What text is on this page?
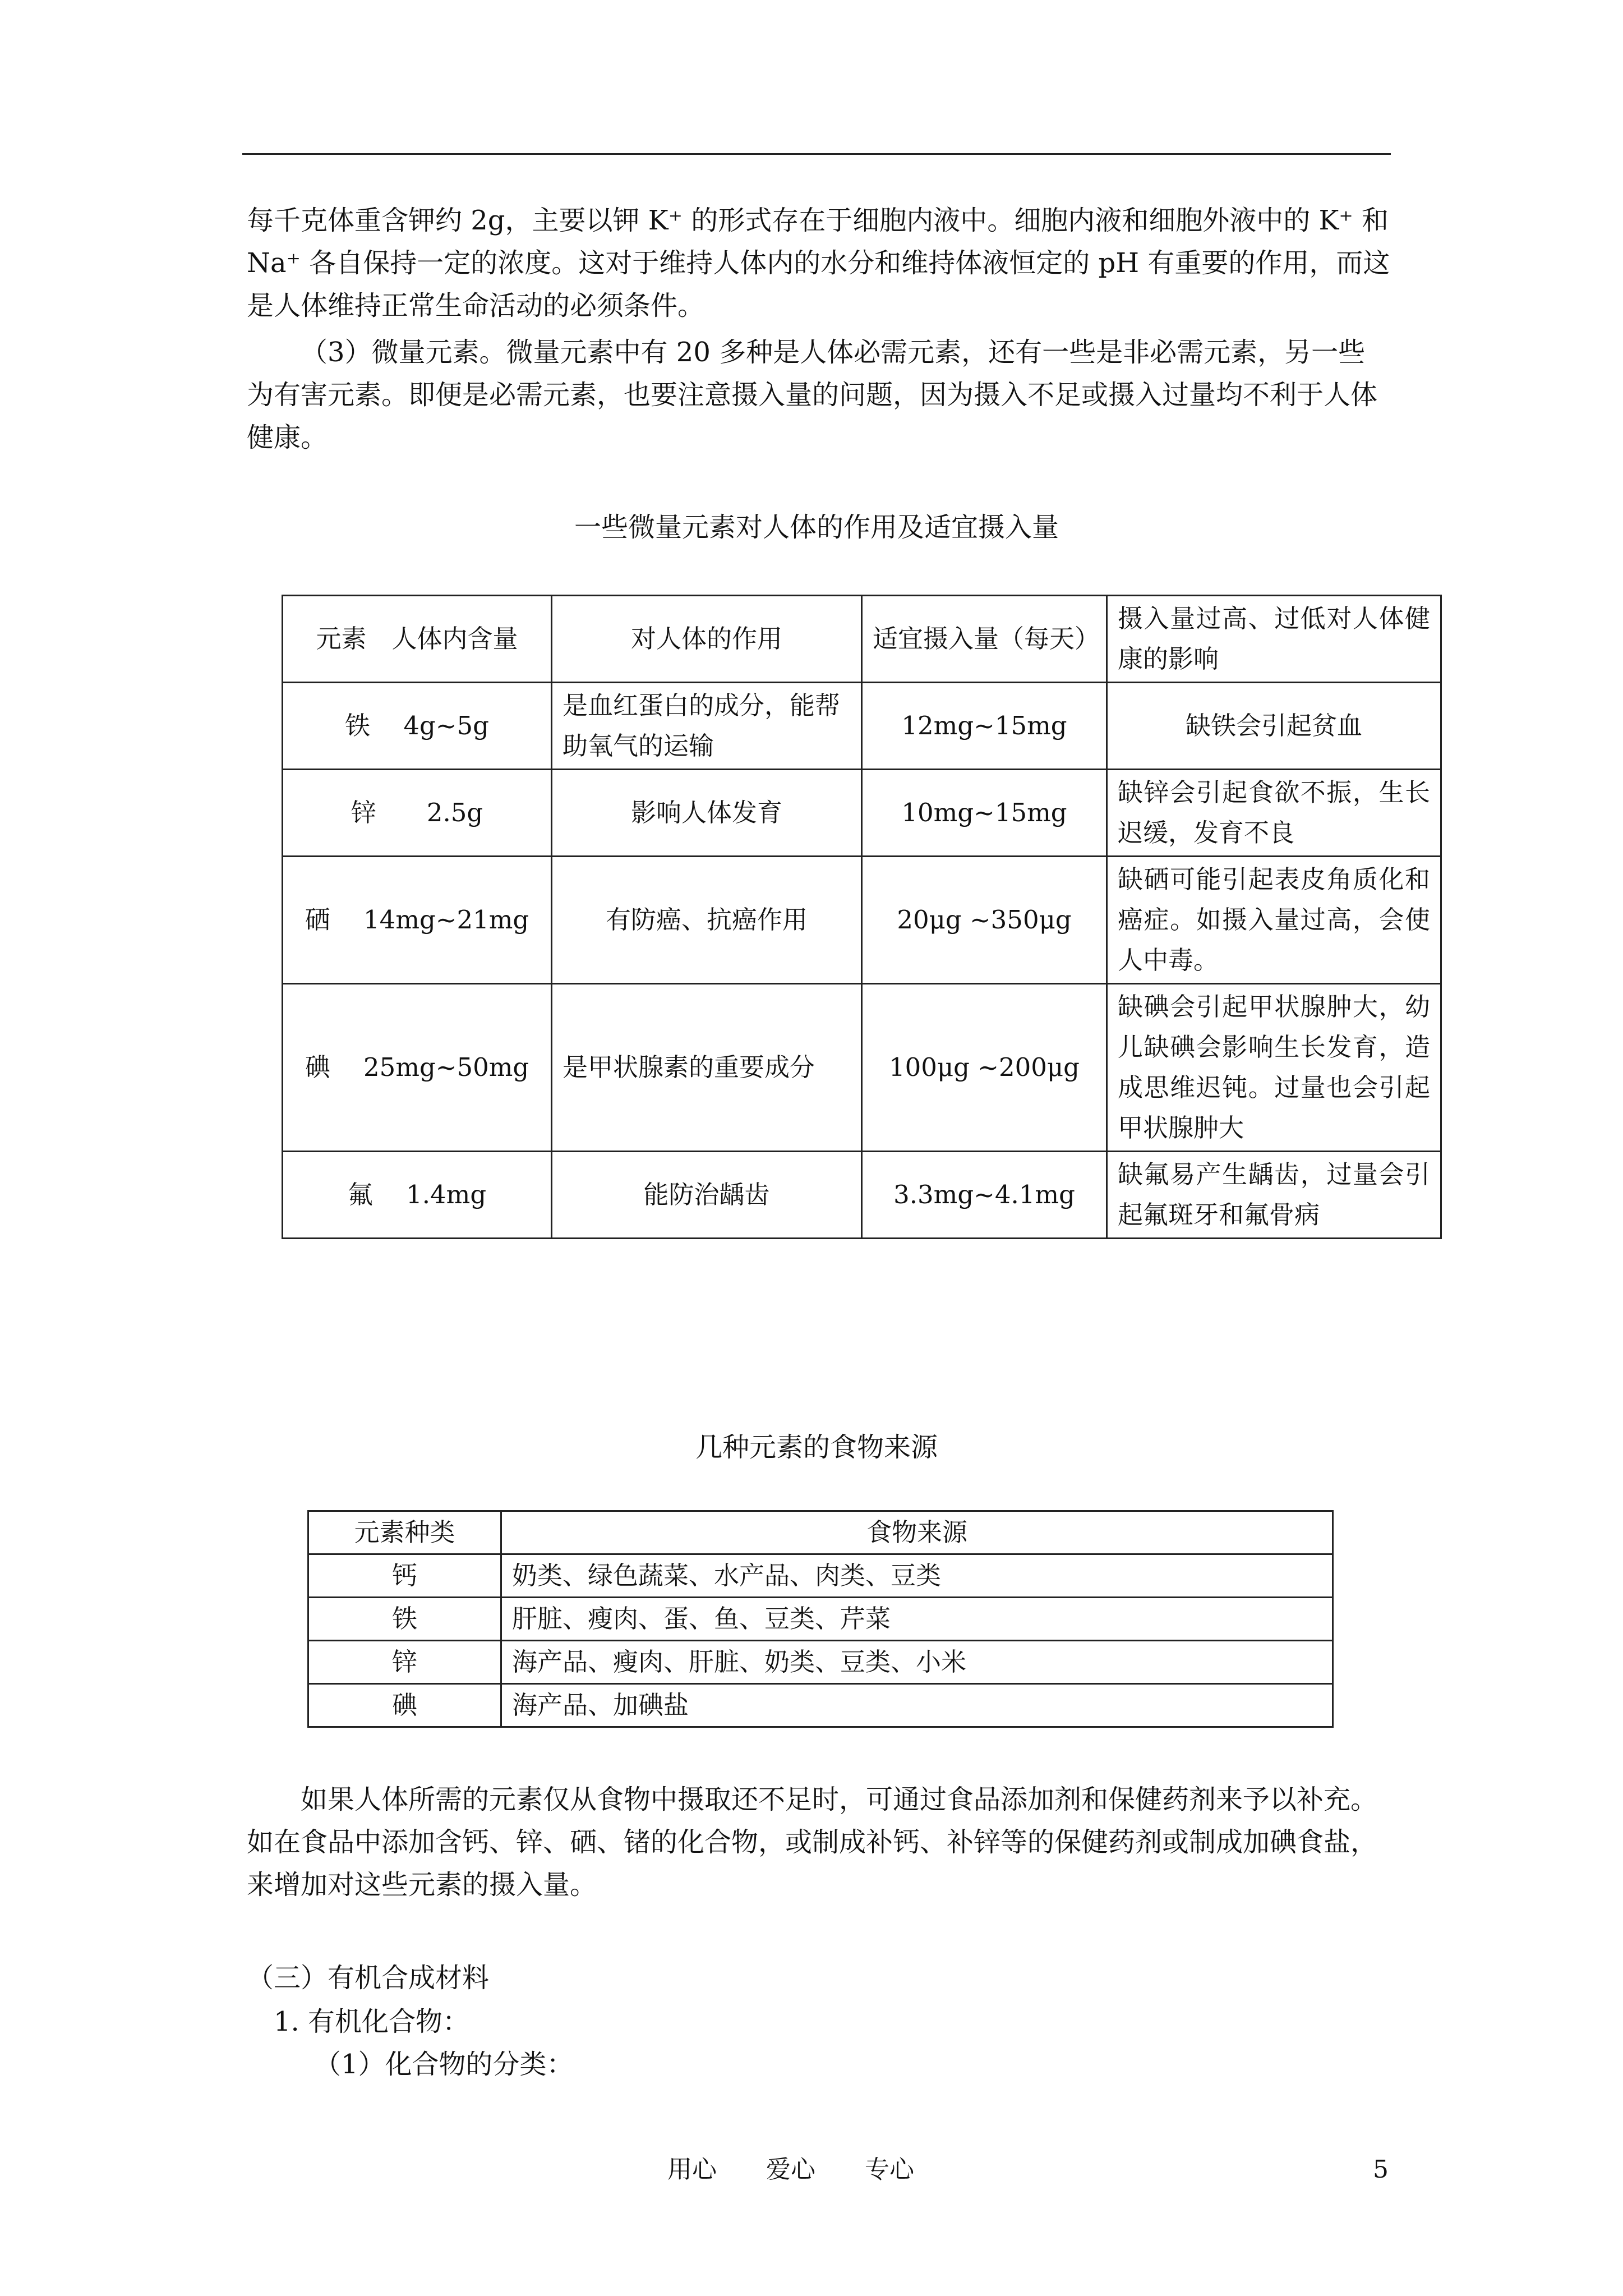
每千克体重含钾约 2g，主要以钾 K⁺ 的形式存在于细胞内液中。细胞内液和细胞外液中的 K⁺ 和 Na⁺ 各自保持一定的浓度。这对于维持人体内的水分和维持体液恒定的 pH 有重要的作用，而这是人体维持正常生命活动的必须条件。

（3）微量元素。微量元素中有 20 多种是人体必需元素，还有一些是非必需元素，另一些为有害元素。即便是必需元素，也要注意摄入量的问题，因为摄入不足或摄入过量均不利于人体健康。

一些微量元素对人体的作用及适宜摄入量
元素　人体内含量	对人体的作用	适宜摄入量（每天）	摄入量过高、过低对人体健康的影响
铁　 4g~5g	是血红蛋白的成分，能帮助氧气的运输	12mg~15mg	缺铁会引起贫血
锌　　2.5g	影响人体发育	10mg~15mg	缺锌会引起食欲不振，生长迟缓，发育不良
硒　 14mg~21mg	有防癌、抗癌作用	20μg ~350μg	缺硒可能引起表皮角质化和癌症。如摄入量过高，会使人中毒。
碘　 25mg~50mg	是甲状腺素的重要成分	100μg ~200μg	缺碘会引起甲状腺肿大，幼儿缺碘会影响生长发育，造成思维迟钝。过量也会引起甲状腺肿大
氟　 1.4mg	能防治龋齿	3.3mg~4.1mg	缺氟易产生龋齿，过量会引起氟斑牙和氟骨病
几种元素的食物来源
元素种类	食物来源
钙	奶类、绿色蔬菜、水产品、肉类、豆类
铁	肝脏、瘦肉、蛋、鱼、豆类、芹菜
锌	海产品、瘦肉、肝脏、奶类、豆类、小米
碘	海产品、加碘盐

如果人体所需的元素仅从食物中摄取还不足时，可通过食品添加剂和保健药剂来予以补充。如在食品中添加含钙、锌、硒、锗的化合物，或制成补钙、补锌等的保健药剂或制成加碘食盐，来增加对这些元素的摄入量。

（三）有机合成材料

1. 有机化合物：

（1）化合物的分类：

用心　　爱心　　专心	5
